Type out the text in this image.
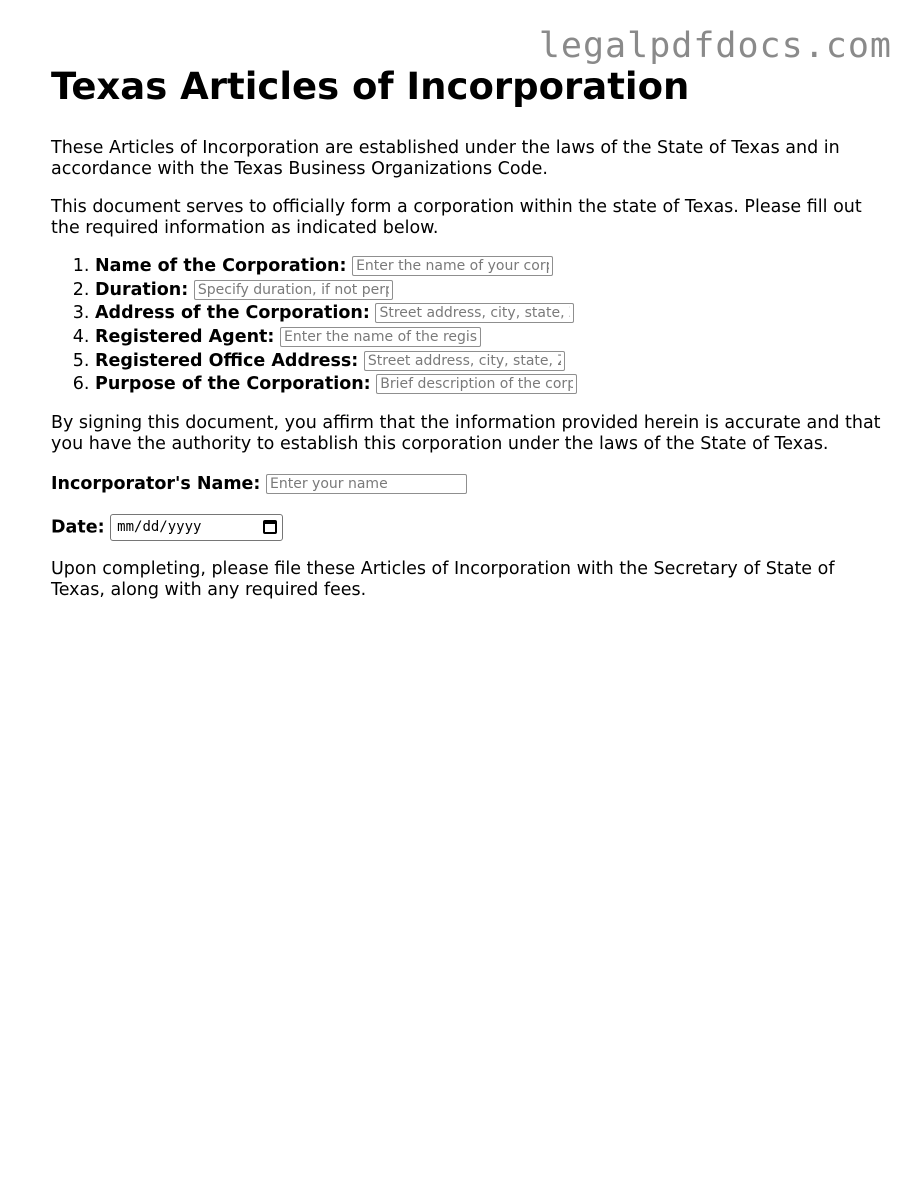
legalpdfdocs.com
Texas Articles of Incorporation

These Articles of Incorporation are established under the laws of the State of Texas and in accordance with the Texas Business Organizations Code.

This document serves to officially form a corporation within the state of Texas. Please fill out the required information as indicated below.

1. Name of the Corporation: Enter the name of your corporation
2. Duration: Specify duration, if not perpetual
3. Address of the Corporation: Street address, city, state, ZIP
4. Registered Agent: Enter the name of the registered agent
5. Registered Office Address: Street address, city, state, ZIP
6. Purpose of the Corporation: Brief description of the corporation's purpose

By signing this document, you affirm that the information provided herein is accurate and that you have the authority to establish this corporation under the laws of the State of Texas.

Incorporator's Name: Enter your name
Date: mm/dd/yyyy

Upon completing, please file these Articles of Incorporation with the Secretary of State of Texas, along with any required fees.
